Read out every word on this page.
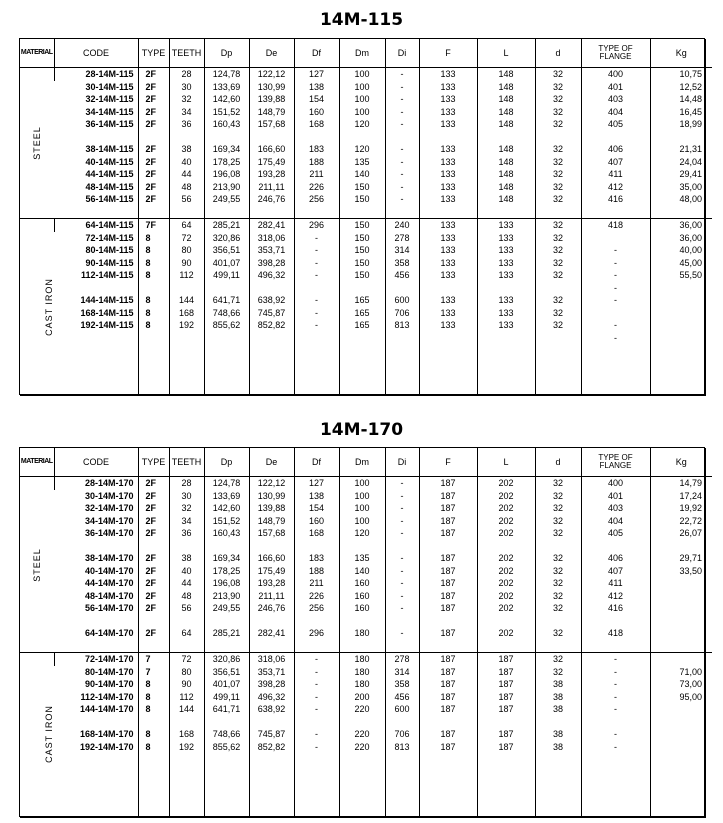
14M-115
MATERIAL	CODE	TYPE	TEETH	Dp	De	Df	Dm	Di	F	L	d	TYPE OF FLANGE	Kg
STEEL	28-14M-115	2F	28	124,78	122,12	127	100	-	133	148	32	400	10,75
	30-14M-115	2F	30	133,69	130,99	138	100	-	133	148	32	401	12,52
	32-14M-115	2F	32	142,60	139,88	154	100	-	133	148	32	403	14,48
	34-14M-115	2F	34	151,52	148,79	160	100	-	133	148	32	404	16,45
	36-14M-115	2F	36	160,43	157,68	168	120	-	133	148	32	405	18,99

	38-14M-115	2F	38	169,34	166,60	183	120	-	133	148	32	406	21,31
	40-14M-115	2F	40	178,25	175,49	188	135	-	133	148	32	407	24,04
	44-14M-115	2F	44	196,08	193,28	211	140	-	133	148	32	411	29,41
	48-14M-115	2F	48	213,90	211,11	226	150	-	133	148	32	412	35,00
	56-14M-115	2F	56	249,55	246,76	256	150	-	133	148	32	416	48,00

CAST IRON	64-14M-115	7F	64	285,21	282,41	296	150	240	133	133	32	418	36,00
	72-14M-115	8	72	320,86	318,06	-	150	278	133	133	32		36,00
	80-14M-115	8	80	356,51	353,71	-	150	314	133	133	32	-	40,00
	90-14M-115	8	90	401,07	398,28	-	150	358	133	133	32	-	45,00
	112-14M-115	8	112	499,11	496,32	-	150	456	133	133	32	-	55,50
												-	
	144-14M-115	8	144	641,71	638,92	-	165	600	133	133	32	-	
	168-14M-115	8	168	748,66	745,87	-	165	706	133	133	32		
	192-14M-115	8	192	855,62	852,82	-	165	813	133	133	32	-	
												-	

14M-170
MATERIAL	CODE	TYPE	TEETH	Dp	De	Df	Dm	Di	F	L	d	TYPE OF FLANGE	Kg
STEEL	28-14M-170	2F	28	124,78	122,12	127	100	-	187	202	32	400	14,79
	30-14M-170	2F	30	133,69	130,99	138	100	-	187	202	32	401	17,24
	32-14M-170	2F	32	142,60	139,88	154	100	-	187	202	32	403	19,92
	34-14M-170	2F	34	151,52	148,79	160	100	-	187	202	32	404	22,72
	36-14M-170	2F	36	160,43	157,68	168	120	-	187	202	32	405	26,07

	38-14M-170	2F	38	169,34	166,60	183	135	-	187	202	32	406	29,71
	40-14M-170	2F	40	178,25	175,49	188	140	-	187	202	32	407	33,50
	44-14M-170	2F	44	196,08	193,28	211	160	-	187	202	32	411	
	48-14M-170	2F	48	213,90	211,11	226	160	-	187	202	32	412	
	56-14M-170	2F	56	249,55	246,76	256	160	-	187	202	32	416	

	64-14M-170	2F	64	285,21	282,41	296	180	-	187	202	32	418	

CAST IRON	72-14M-170	7	72	320,86	318,06	-	180	278	187	187	32	-	
	80-14M-170	7	80	356,51	353,71	-	180	314	187	187	32	-	71,00
	90-14M-170	8	90	401,07	398,28	-	180	358	187	187	38	-	73,00
	112-14M-170	8	112	499,11	496,32	-	200	456	187	187	38	-	95,00
	144-14M-170	8	144	641,71	638,92	-	220	600	187	187	38	-	

	168-14M-170	8	168	748,66	745,87	-	220	706	187	187	38	-	
	192-14M-170	8	192	855,62	852,82	-	220	813	187	187	38	-	
